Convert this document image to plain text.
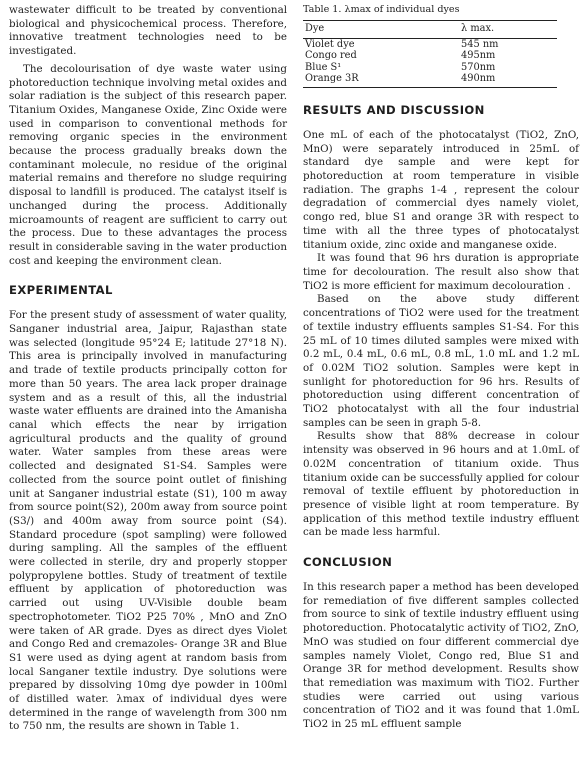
wastewater difficult to be treated by conventional biological and physicochemical process. Therefore, innovative treatment technologies need to be investigated.

The decolourisation of dye waste water using photoreduction technique involving metal oxides and solar radiation is the subject of this research paper. Titanium Oxides, Manganese Oxide, Zinc Oxide were used in comparison to conventional methods for removing organic species in the environment because the process gradually breaks down the contaminant molecule, no residue of the original material remains and therefore no sludge requiring disposal to landfill is produced. The catalyst itself is unchanged during the process. Additionally microamounts of reagent are sufficient to carry out the process. Due to these advantages the process result in considerable saving in the water production cost and keeping the environment clean.

EXPERIMENTAL

For the present study of assessment of water quality, Sanganer industrial area, Jaipur, Rajasthan state was selected (longitude 95°24 E; latitude 27°18 N). This area is principally involved in manufacturing and trade of textile products principally cotton for more than 50 years. The area lack proper drainage system and as a result of this, all the industrial waste water effluents are drained into the Amanisha canal which effects the near by irrigation agricultural products and the quality of ground water. Water samples from these areas were collected and designated S1-S4. Samples were collected from the source point outlet of finishing unit at Sanganer industrial estate (S1), 100 m away from source point(S2), 200m away from source point (S3/) and 400m away from source point (S4). Standard procedure (spot sampling) were followed during sampling. All the samples of the effluent were collected in sterile, dry and properly stopper polypropylene bottles. Study of treatment of textile effluent by application of photoreduction was carried out using UV-Visible double beam spectrophotometer. TiO2 P25 70% , MnO and ZnO were taken of AR grade. Dyes as direct dyes Violet and Congo Red and cremazoles- Orange 3R and Blue S1 were used as dying agent at random basis from local Sanganer textile industry. Dye solutions were prepared by dissolving 10mg dye powder in 100ml of distilled water. λmax of individual dyes were determined in the range of wavelength from 300 nm to 750 nm, the results are shown in Table 1.

Table 1. λmax of individual dyes
Dye	λ max.
Violet dye	545 nm
Congo red	495nm
Blue S¹	570nm
Orange 3R	490nm
RESULTS AND DISCUSSION

One mL of each of the photocatalyst (TiO2, ZnO, MnO) were separately introduced in 25mL of standard dye sample and were kept for photoreduction at room temperature in visible radiation. The graphs 1-4 , represent the colour degradation of commercial dyes namely violet, congo red, blue S1 and orange 3R with respect to time with all the three types of photocatalyst titanium oxide, zinc oxide and manganese oxide.

It was found that 96 hrs duration is appropriate time for decolouration. The result also show that TiO2 is more efficient for maximum decolouration .

Based on the above study different concentrations of TiO2 were used for the treatment of textile industry effluents samples S1-S4. For this 25 mL of 10 times diluted samples were mixed with 0.2 mL, 0.4 mL, 0.6 mL, 0.8 mL, 1.0 mL and 1.2 mL of 0.02M TiO2 solution. Samples were kept in sunlight for photoreduction for 96 hrs. Results of photoreduction using different concentration of TiO2 photocatalyst with all the four industrial samples can be seen in graph 5-8.

Results show that 88% decrease in colour intensity was observed in 96 hours and at 1.0mL of 0.02M concentration of titanium oxide. Thus titanium oxide can be successfully applied for colour removal of textile effluent by photoreduction in presence of visible light at room temperature. By application of this method textile industry effluent can be made less harmful.

CONCLUSION

In this research paper a method has been developed for remediation of five different samples collected from source to sink of textile industry effluent using photoreduction. Photocatalytic activity of TiO2, ZnO, MnO was studied on four different commercial dye samples namely Violet, Congo red, Blue S1 and Orange 3R for method development. Results show that remediation was maximum with TiO2. Further studies were carried out using various concentration of TiO2 and it was found that 1.0mL TiO2 in 25 mL effluent sample
